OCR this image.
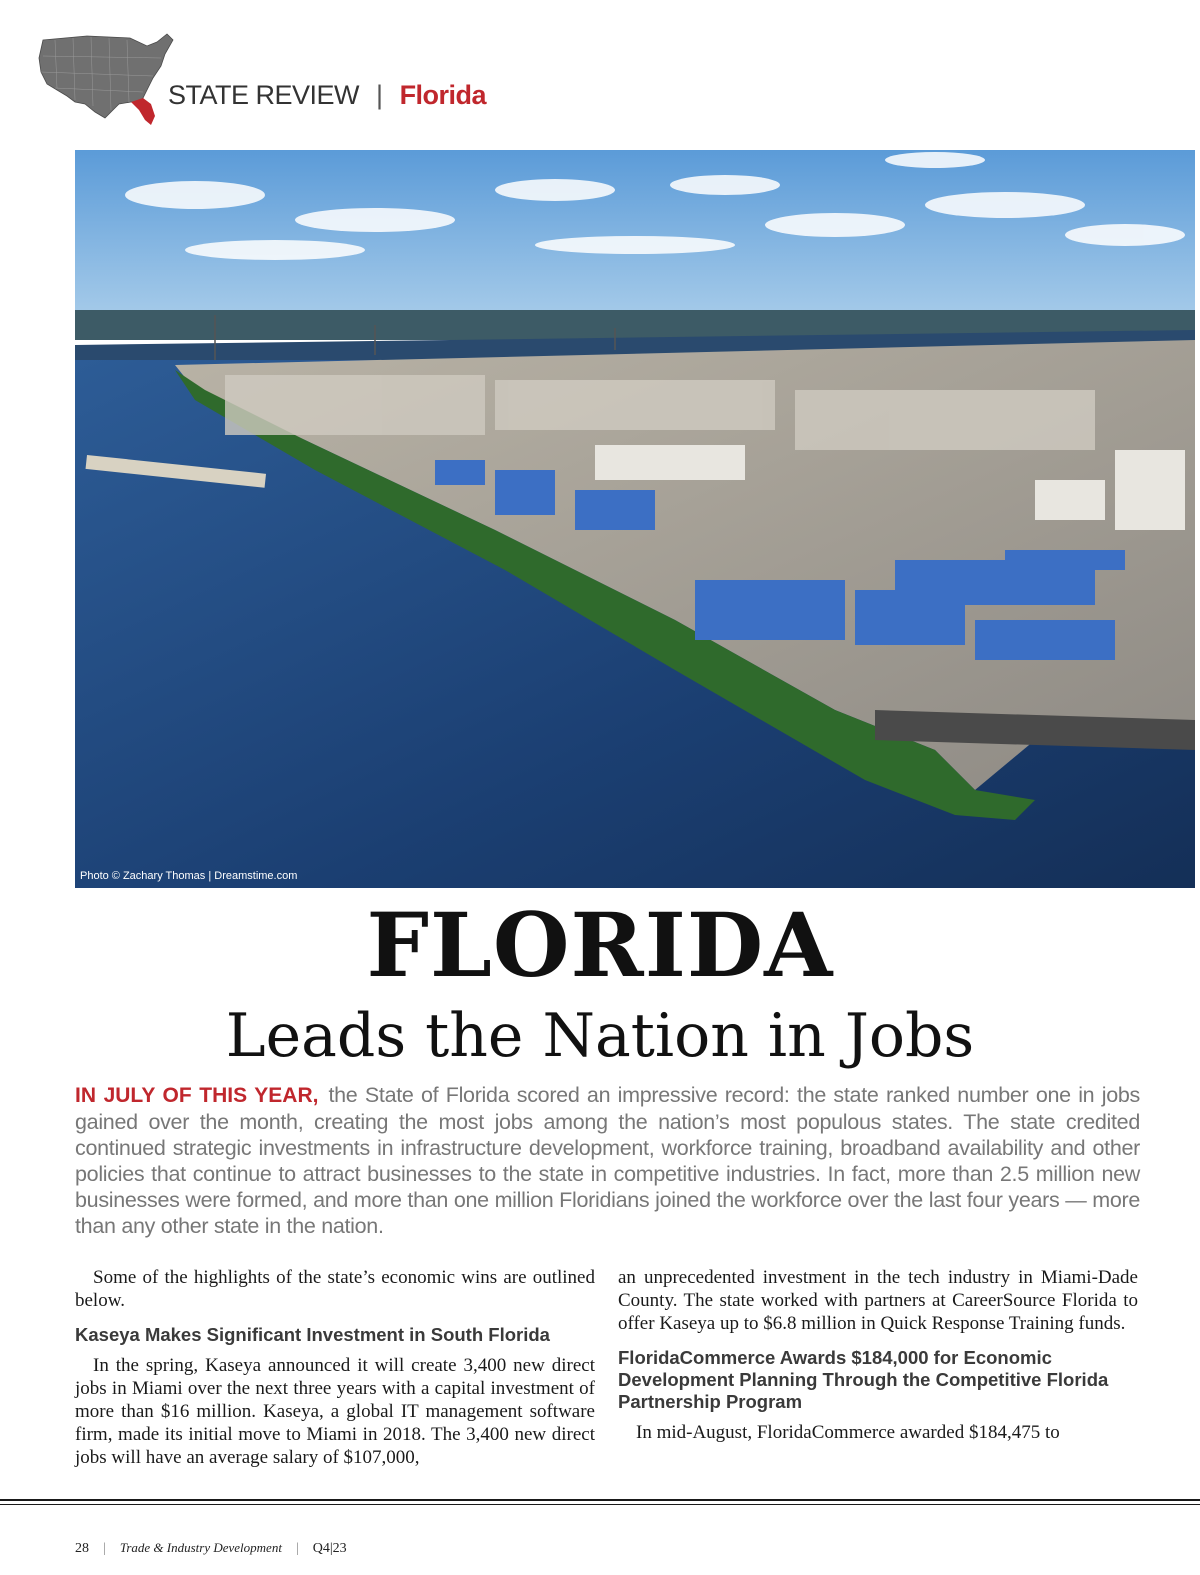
STATE REVIEW | Florida
Photo © Zachary Thomas | Dreamstime.com
FLORIDA
Leads the Nation in Jobs
IN JULY OF THIS YEAR, the State of Florida scored an impressive record: the state ranked number one in jobs gained over the month, creating the most jobs among the nation’s most populous states. The state credited continued strategic investments in infrastructure development, workforce training, broadband availability and other policies that continue to attract businesses to the state in competitive industries. In fact, more than 2.5 million new businesses were formed, and more than one million Floridians joined the workforce over the last four years — more than any other state in the nation.

Some of the highlights of the state’s economic wins are outlined below.

Kaseya Makes Significant Investment in South Florida

In the spring, Kaseya announced it will create 3,400 new direct jobs in Miami over the next three years with a capital investment of more than $16 million. Kaseya, a global IT management software firm, made its initial move to Miami in 2018. The 3,400 new direct jobs will have an average salary of $107,000,

an unprecedented investment in the tech industry in Miami-Dade County. The state worked with partners at CareerSource Florida to offer Kaseya up to $6.8 million in Quick Response Training funds.

FloridaCommerce Awards $184,000 for Economic Development Planning Through the Competitive Florida Partnership Program

In mid-August, FloridaCommerce awarded $184,475 to

28 | Trade & Industry Development | Q4|23
